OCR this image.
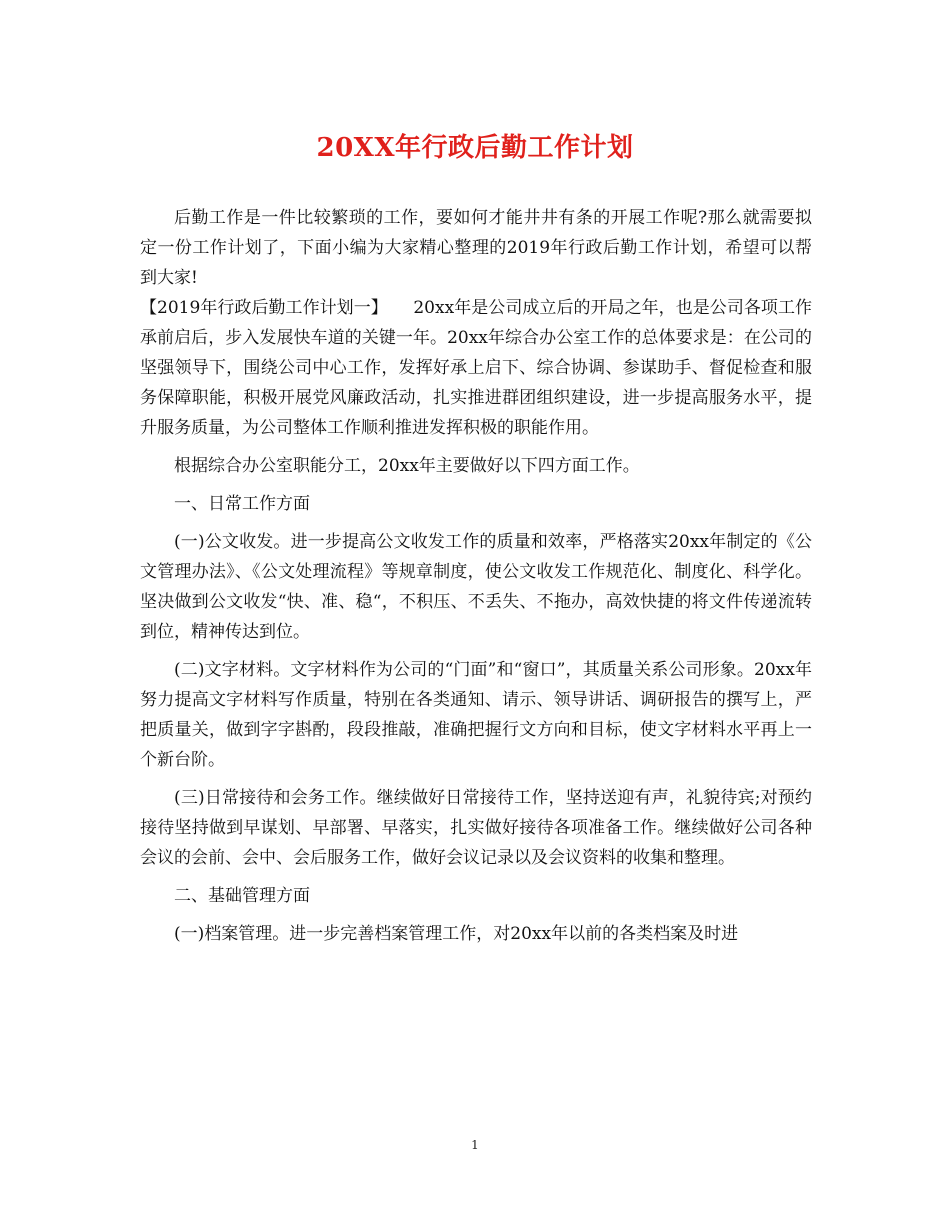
20XX年行政后勤工作计划

后勤工作是一件比较繁琐的工作，要如何才能井井有条的开展工作呢?那么就需要拟定一份工作计划了，下面小编为大家精心整理的2019年行政后勤工作计划，希望可以帮到大家!

【2019年行政后勤工作计划一】　　20xx年是公司成立后的开局之年，也是公司各项工作承前启后，步入发展快车道的关键一年。20xx年综合办公室工作的总体要求是：在公司的坚强领导下，围绕公司中心工作，发挥好承上启下、综合协调、参谋助手、督促检查和服务保障职能，积极开展党风廉政活动，扎实推进群团组织建设，进一步提高服务水平，提升服务质量，为公司整体工作顺利推进发挥积极的职能作用。

根据综合办公室职能分工，20xx年主要做好以下四方面工作。

一、日常工作方面

(一)公文收发。进一步提高公文收发工作的质量和效率，严格落实20xx年制定的《公文管理办法》、《公文处理流程》等规章制度，使公文收发工作规范化、制度化、科学化。坚决做到公文收发“快、准、稳“，不积压、不丢失、不拖办，高效快捷的将文件传递流转到位，精神传达到位。

(二)文字材料。文字材料作为公司的“门面”和“窗口”，其质量关系公司形象。20xx年努力提高文字材料写作质量，特别在各类通知、请示、领导讲话、调研报告的撰写上，严把质量关，做到字字斟酌，段段推敲，准确把握行文方向和目标，使文字材料水平再上一个新台阶。

(三)日常接待和会务工作。继续做好日常接待工作，坚持送迎有声，礼貌待宾;对预约接待坚持做到早谋划、早部署、早落实，扎实做好接待各项准备工作。继续做好公司各种会议的会前、会中、会后服务工作，做好会议记录以及会议资料的收集和整理。

二、基础管理方面

(一)档案管理。进一步完善档案管理工作，对20xx年以前的各类档案及时进

1
